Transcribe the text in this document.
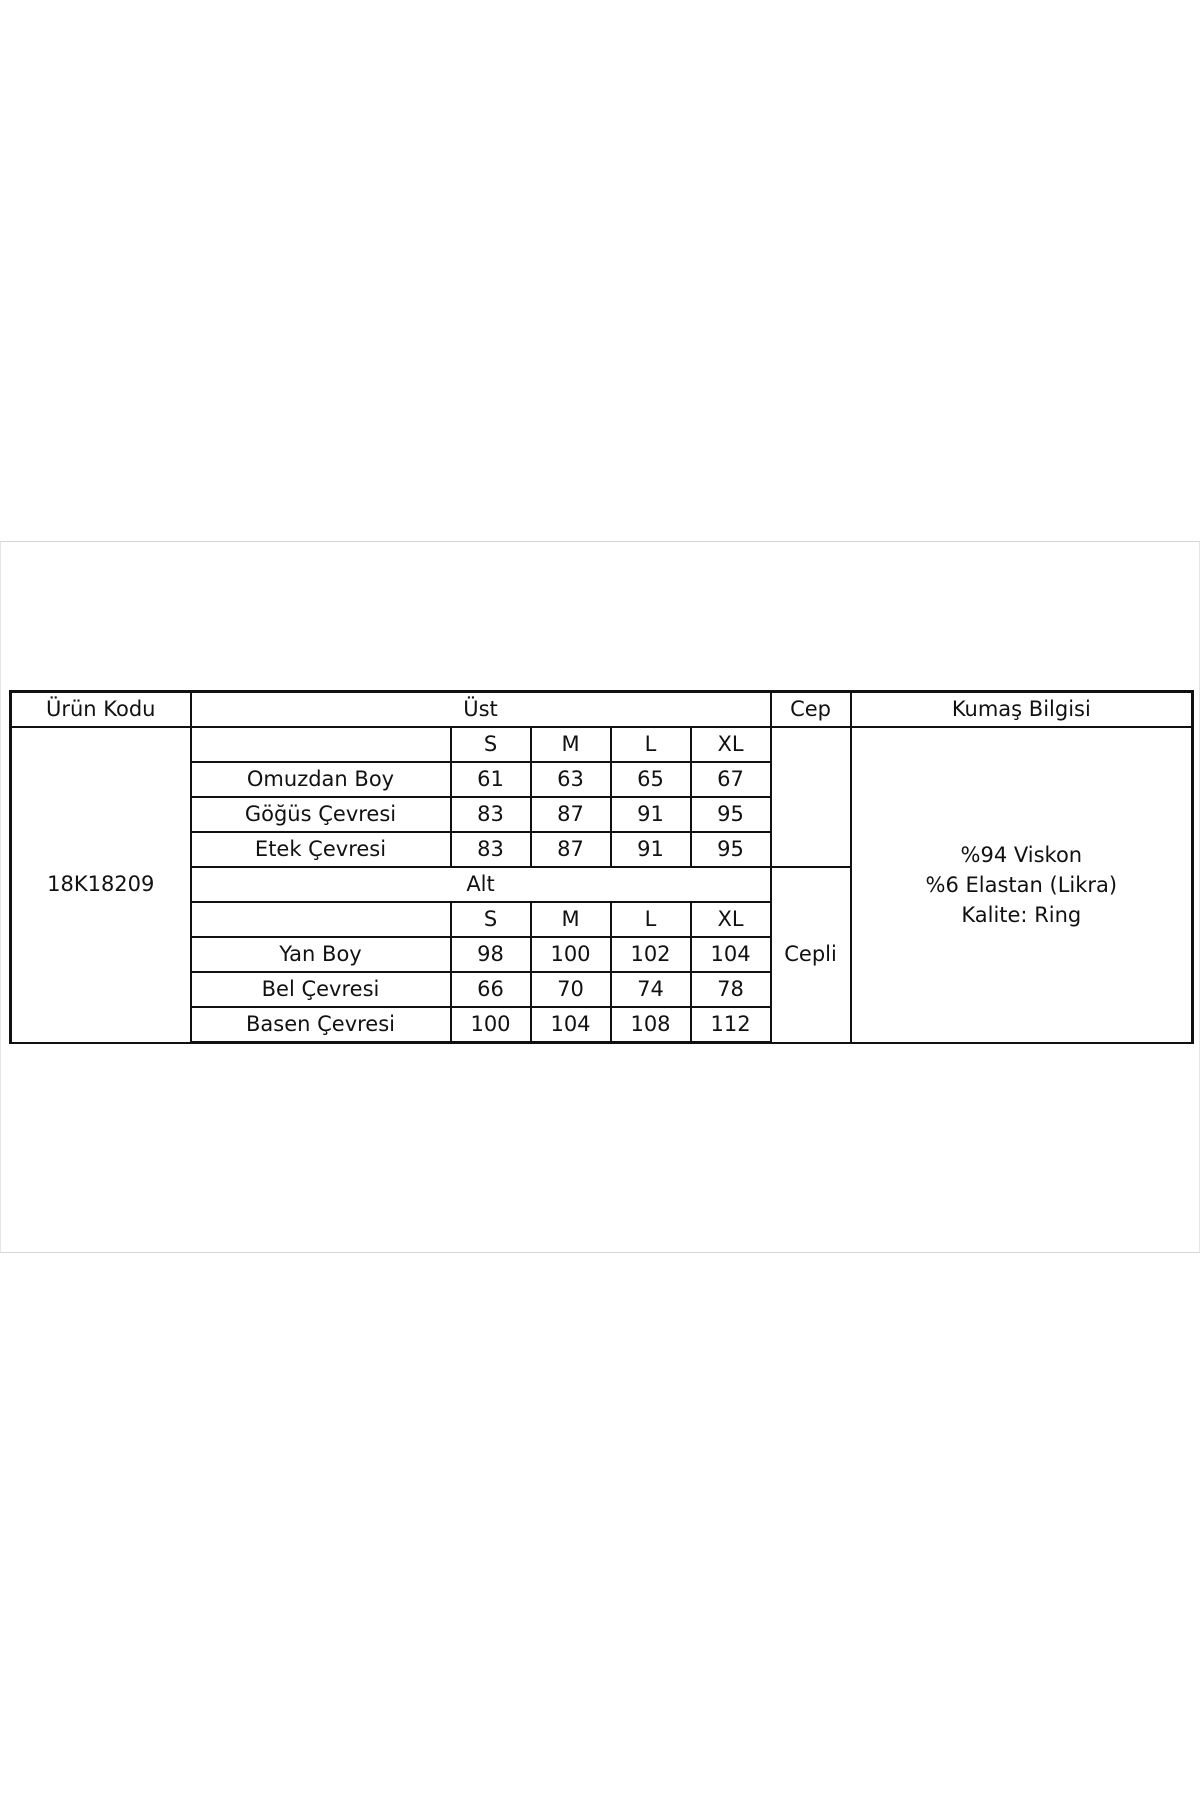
Ürün Kodu	Üst					Cep	Kumaş Bilgisi
18K18209		S	M	L	XL		%94 Viskon
%6 Elastan (Likra)
Kalite: Ring

	Omuzdan Boy	61	63	65	67		
	Göğüs Çevresi	83	87	91	95		
	Etek Çevresi	83	87	91	95		
	Alt					Cepli	
		S	M	L	XL		
	Yan Boy	98	100	102	104		
	Bel Çevresi	66	70	74	78		
	Basen Çevresi	100	104	108	112		
